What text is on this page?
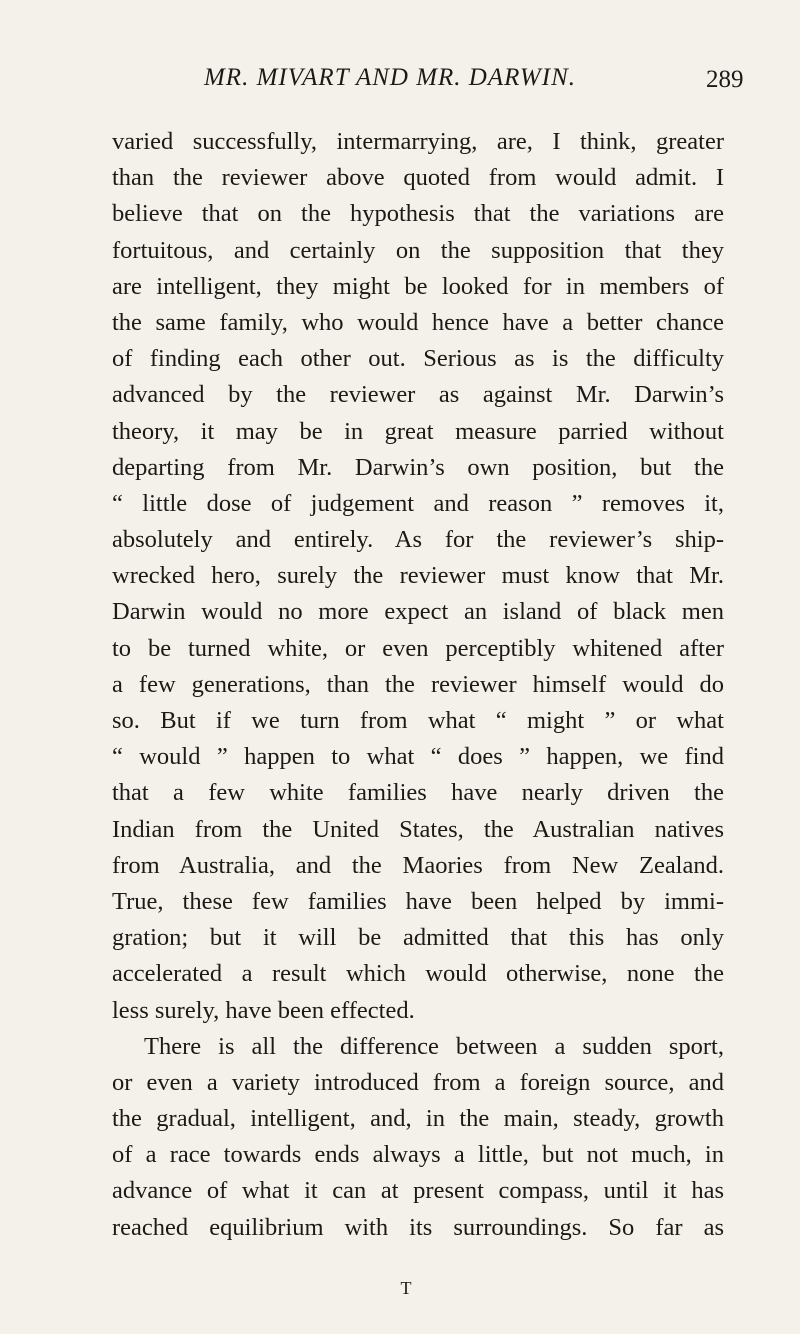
MR. MIVART AND MR. DARWIN.	289
varied successfully, intermarrying, are, I think, greater
than the reviewer above quoted from would admit. I
believe that on the hypothesis that the variations are
fortuitous, and certainly on the supposition that they
are intelligent, they might be looked for in members of
the same family, who would hence have a better chance
of finding each other out. Serious as is the difficulty
advanced by the reviewer as against Mr. Darwin’s
theory, it may be in great measure parried without
departing from Mr. Darwin’s own position, but the
“ little dose of judgement and reason ” removes it,
absolutely and entirely. As for the reviewer’s ship-
wrecked hero, surely the reviewer must know that Mr.
Darwin would no more expect an island of black men
to be turned white, or even perceptibly whitened after
a few generations, than the reviewer himself would do
so. But if we turn from what “ might ” or what
“ would ” happen to what “ does ” happen, we find
that a few white families have nearly driven the
Indian from the United States, the Australian natives
from Australia, and the Maories from New Zealand.
True, these few families have been helped by immi-
gration; but it will be admitted that this has only
accelerated a result which would otherwise, none the
less surely, have been effected.
There is all the difference between a sudden sport,
or even a variety introduced from a foreign source, and
the gradual, intelligent, and, in the main, steady, growth
of a race towards ends always a little, but not much, in
advance of what it can at present compass, until it has
reached equilibrium with its surroundings. So far as
T
